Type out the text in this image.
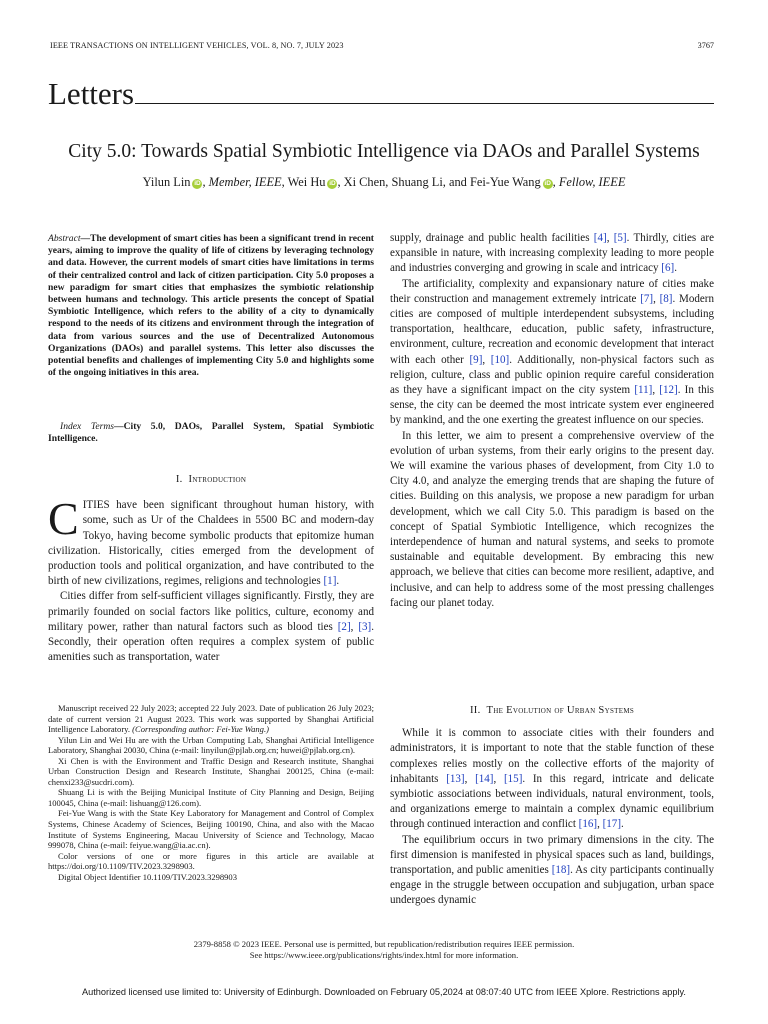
IEEE TRANSACTIONS ON INTELLIGENT VEHICLES, VOL. 8, NO. 7, JULY 2023	3767
Letters
City 5.0: Towards Spatial Symbiotic Intelligence via DAOs and Parallel Systems
Yilun Lin iD , Member, IEEE, Wei Hu iD , Xi Chen, Shuang Li, and Fei-Yue Wang iD , Fellow, IEEE
Abstract—The development of smart cities has been a significant trend in recent years, aiming to improve the quality of life of citizens by leveraging technology and data. However, the current models of smart cities have limitations in terms of their centralized control and lack of citizen participation. City 5.0 proposes a new paradigm for smart cities that emphasizes the symbiotic relationship between humans and technology. This article presents the concept of Spatial Symbiotic Intelligence, which refers to the ability of a city to dynamically respond to the needs of its citizens and environment through the integration of data from various sources and the use of Decentralized Autonomous Organizations (DAOs) and parallel systems. This letter also discusses the potential benefits and challenges of implementing City 5.0 and highlights some of the ongoing initiatives in this area.
Index Terms—City 5.0, DAOs, Parallel System, Spatial Symbiotic Intelligence.
I. Introduction

CITIES have been significant throughout human history, with some, such as Ur of the Chaldees in 5500 BC and modern-day Tokyo, having become symbolic products that epitomize human civilization. Historically, cities emerged from the development of production tools and political organization, and have contributed to the birth of new civilizations, regimes, religions and technologies [1].

Cities differ from self-sufficient villages significantly. Firstly, they are primarily founded on social factors like politics, culture, economy and military power, rather than natural factors such as blood ties [2], [3]. Secondly, their operation often requires a complex system of public amenities such as transportation, water

Manuscript received 22 July 2023; accepted 22 July 2023. Date of publication 26 July 2023; date of current version 21 August 2023. This work was supported by Shanghai Artificial Intelligence Laboratory. (Corresponding author: Fei-Yue Wang.)

Yilun Lin and Wei Hu are with the Urban Computing Lab, Shanghai Artificial Intelligence Laboratory, Shanghai 20030, China (e-mail: linyilun@pjlab.org.cn; huwei@pjlab.org.cn).

Xi Chen is with the Environment and Traffic Design and Research institute, Shanghai Urban Construction Design and Research Institute, Shanghai 200125, China (e-mail: chenxi233@sucdri.com).

Shuang Li is with the Beijing Municipal Institute of City Planning and Design, Beijing 100045, China (e-mail: lishuang@126.com).

Fei-Yue Wang is with the State Key Laboratory for Management and Control of Complex Systems, Chinese Academy of Sciences, Beijing 100190, China, and also with the Macao Institute of Systems Engineering, Macau University of Science and Technology, Macao 999078, China (e-mail: feiyue.wang@ia.ac.cn).

Color versions of one or more figures in this article are available at https://doi.org/10.1109/TIV.2023.3298903.

Digital Object Identifier 10.1109/TIV.2023.3298903

supply, drainage and public health facilities [4], [5]. Thirdly, cities are expansible in nature, with increasing complexity leading to more people and industries converging and growing in scale and intricacy [6].

The artificiality, complexity and expansionary nature of cities make their construction and management extremely intricate [7], [8]. Modern cities are composed of multiple interdependent subsystems, including transportation, healthcare, education, public safety, infrastructure, environment, culture, recreation and economic development that interact with each other [9], [10]. Additionally, non-physical factors such as religion, culture, class and public opinion require careful consideration as they have a significant impact on the city system [11], [12]. In this sense, the city can be deemed the most intricate system ever engineered by mankind, and the one exerting the greatest influence on our species.

In this letter, we aim to present a comprehensive overview of the evolution of urban systems, from their early origins to the present day. We will examine the various phases of development, from City 1.0 to City 4.0, and analyze the emerging trends that are shaping the future of cities. Building on this analysis, we propose a new paradigm for urban development, which we call City 5.0. This paradigm is based on the concept of Spatial Symbiotic Intelligence, which recognizes the interdependence of human and natural systems, and seeks to promote sustainable and equitable development. By embracing this new approach, we believe that cities can become more resilient, adaptive, and inclusive, and can help to address some of the most pressing challenges facing our planet today.

II. The Evolution of Urban Systems

While it is common to associate cities with their founders and administrators, it is important to note that the stable function of these complexes relies mostly on the collective efforts of the majority of inhabitants [13], [14], [15]. In this regard, intricate and delicate symbiotic associations between individuals, natural environment, tools, and organizations emerge to maintain a complex dynamic equilibrium through continued interaction and conflict [16], [17].

The equilibrium occurs in two primary dimensions in the city. The first dimension is manifested in physical spaces such as land, buildings, transportation, and public amenities [18]. As city participants continually engage in the struggle between occupation and subjugation, urban space undergoes dynamic

2379-8858 © 2023 IEEE. Personal use is permitted, but republication/redistribution requires IEEE permission.
See https://www.ieee.org/publications/rights/index.html for more information.
Authorized licensed use limited to: University of Edinburgh. Downloaded on February 05,2024 at 08:07:40 UTC from IEEE Xplore. Restrictions apply.
